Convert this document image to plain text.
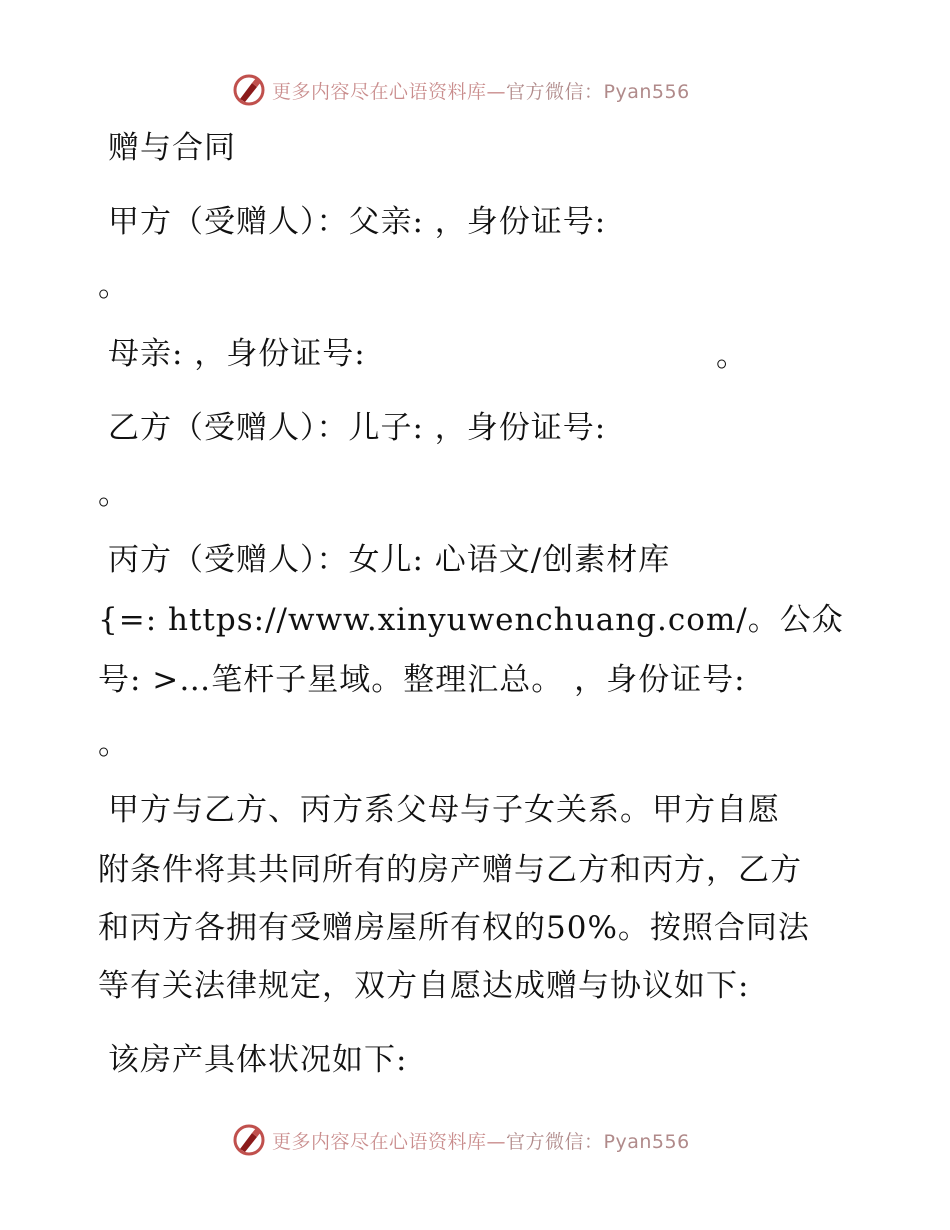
更多内容尽在心语资料库—官方微信：Pyan556
赠与合同
甲方（受赠人）：父亲: ，身份证号:
。
母亲: ，身份证号:	。
乙方（受赠人）：儿子: ，身份证号:
。
丙方（受赠人）：女儿: 心语文/创素材库
{=: https://www.xinyuwenchuang.com/。公众
号: >…笔杆子星域。整理汇总。 ，身份证号:
。
甲方与乙方、丙方系父母与子女关系。甲方自愿
附条件将其共同所有的房产赠与乙方和丙方，乙方
和丙方各拥有受赠房屋所有权的50%。按照合同法
等有关法律规定，双方自愿达成赠与协议如下:
该房产具体状况如下:
更多内容尽在心语资料库—官方微信：Pyan556
